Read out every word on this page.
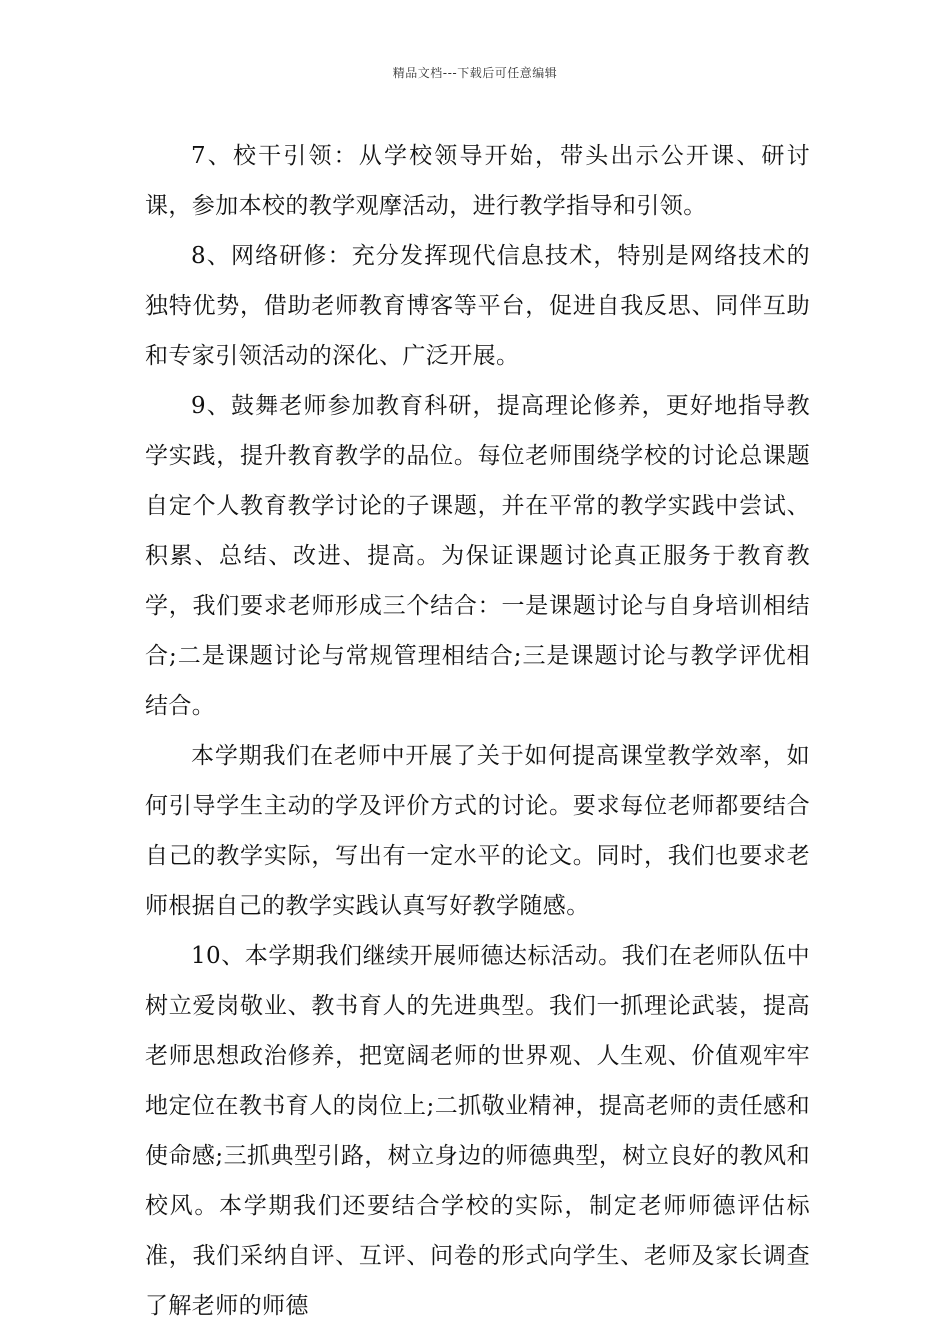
精品文档---下载后可任意编辑

7、校干引领：从学校领导开始，带头出示公开课、研讨课，参加本校的教学观摩活动，进行教学指导和引领。

8、网络研修：充分发挥现代信息技术，特别是网络技术的独特优势，借助老师教育博客等平台，促进自我反思、同伴互助和专家引领活动的深化、广泛开展。

9、鼓舞老师参加教育科研，提高理论修养，更好地指导教学实践，提升教育教学的品位。每位老师围绕学校的讨论总课题自定个人教育教学讨论的子课题，并在平常的教学实践中尝试、积累、总结、改进、提高。为保证课题讨论真正服务于教育教学，我们要求老师形成三个结合：一是课题讨论与自身培训相结合;二是课题讨论与常规管理相结合;三是课题讨论与教学评优相结合。

本学期我们在老师中开展了关于如何提高课堂教学效率，如何引导学生主动的学及评价方式的讨论。要求每位老师都要结合自己的教学实际，写出有一定水平的论文。同时，我们也要求老师根据自己的教学实践认真写好教学随感。

10、本学期我们继续开展师德达标活动。我们在老师队伍中树立爱岗敬业、教书育人的先进典型。我们一抓理论武装，提高老师思想政治修养，把宽阔老师的世界观、人生观、价值观牢牢地定位在教书育人的岗位上;二抓敬业精神，提高老师的责任感和使命感;三抓典型引路，树立身边的师德典型，树立良好的教风和校风。本学期我们还要结合学校的实际，制定老师师德评估标准，我们采纳自评、互评、问卷的形式向学生、老师及家长调查了解老师的师德
